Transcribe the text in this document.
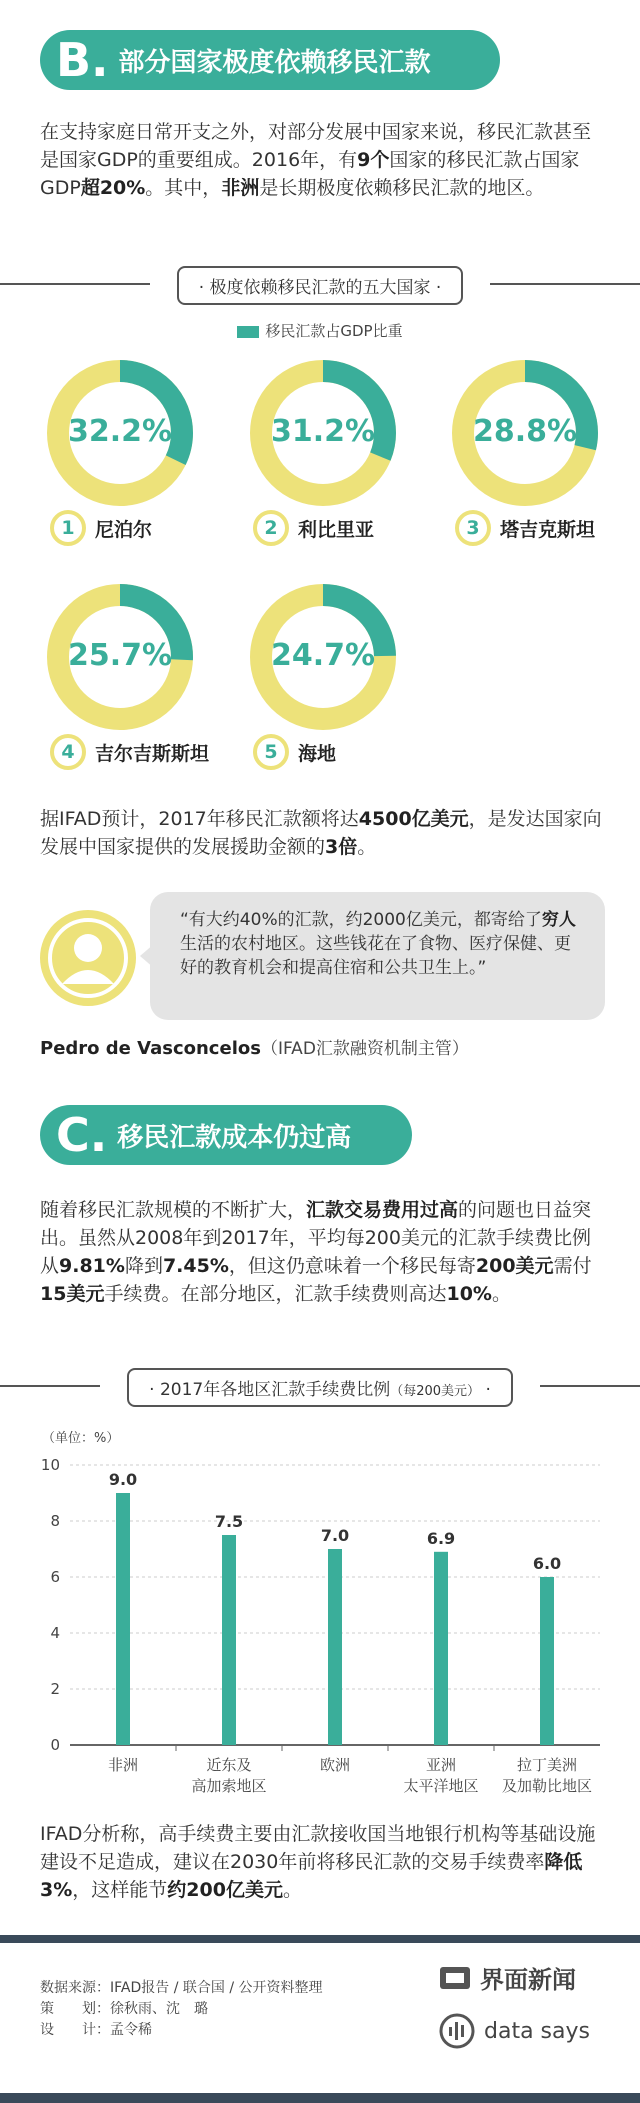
B. 部分国家极度依赖移民汇款
在支持家庭日常开支之外，对部分发展中国家来说，移民汇款甚至是国家GDP的重要组成。2016年，有9个国家的移民汇款占国家GDP超20%。其中，非洲是长期极度依赖移民汇款的地区。
· 极度依赖移民汇款的五大国家 ·
移民汇款占GDP比重
32.2%
1	尼泊尔
31.2%
2	利比里亚
28.8%
3	塔吉克斯坦
25.7%
4	吉尔吉斯斯坦
24.7%
5	海地
据IFAD预计，2017年移民汇款额将达4500亿美元，是发达国家向发展中国家提供的发展援助金额的3倍。
“有大约40%的汇款，约2000亿美元，都寄给了穷人生活的农村地区。这些钱花在了食物、医疗保健、更好的教育机会和提高住宿和公共卫生上。”
Pedro de Vasconcelos（IFAD汇款融资机制主管）
C. 移民汇款成本仍过高
随着移民汇款规模的不断扩大，汇款交易费用过高的问题也日益突出。虽然从2008年到2017年，平均每200美元的汇款手续费比例从9.81%降到7.45%，但这仍意味着一个移民每寄200美元需付15美元手续费。在部分地区，汇款手续费则高达10%。
· 2017年各地区汇款手续费比例（每200美元） ·
（单位：%）
0
2
4
6
8
10
9.0
非洲
7.5
近东及
高加索地区
7.0
欧洲
6.9
亚洲
太平洋地区
6.0
拉丁美洲
及加勒比地区
IFAD分析称，高手续费主要由汇款接收国当地银行机构等基础设施建设不足造成，建议在2030年前将移民汇款的交易手续费率降低3%，这样能节约200亿美元。
数据来源：IFAD报告 / 联合国 / 公开资料整理
策　　划：徐秋雨、沈　璐
设　　计：孟令稀
界面新闻
data says
